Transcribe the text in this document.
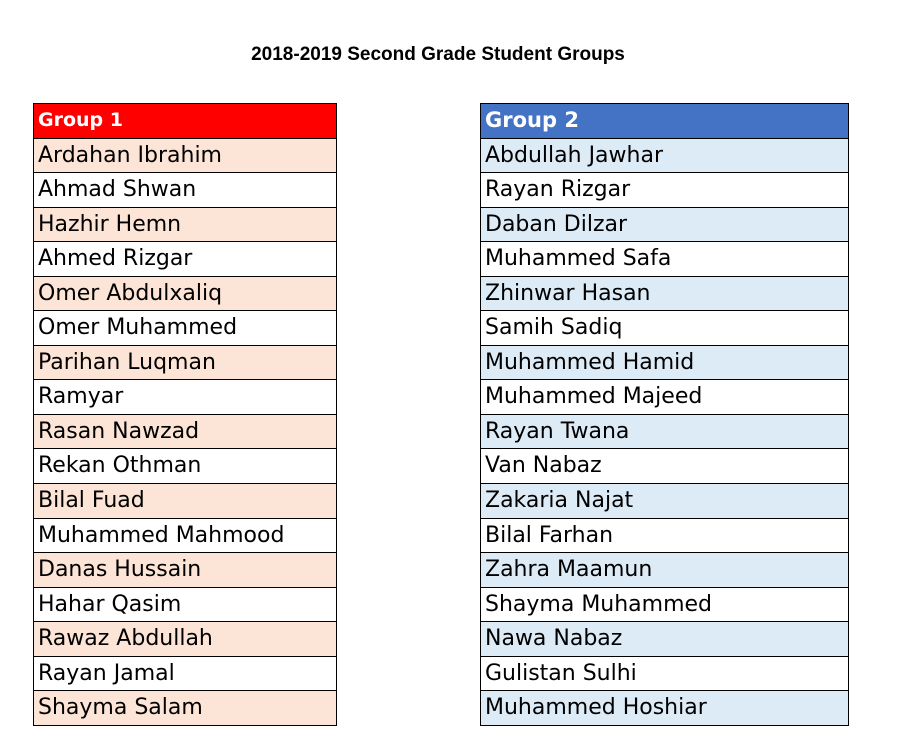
2018-2019 Second Grade Student Groups
Group 1
Ardahan Ibrahim
Ahmad Shwan
Hazhir Hemn
Ahmed Rizgar
Omer Abdulxaliq
Omer Muhammed
Parihan Luqman
Ramyar
Rasan Nawzad
Rekan Othman
Bilal Fuad
Muhammed Mahmood
Danas Hussain
Hahar Qasim
Rawaz Abdullah
Rayan Jamal
Shayma Salam
Group 2
Abdullah Jawhar
Rayan Rizgar
Daban Dilzar
Muhammed Safa
Zhinwar Hasan
Samih Sadiq
Muhammed Hamid
Muhammed Majeed
Rayan Twana
Van Nabaz
Zakaria Najat
Bilal Farhan
Zahra Maamun
Shayma Muhammed
Nawa Nabaz
Gulistan Sulhi
Muhammed Hoshiar
